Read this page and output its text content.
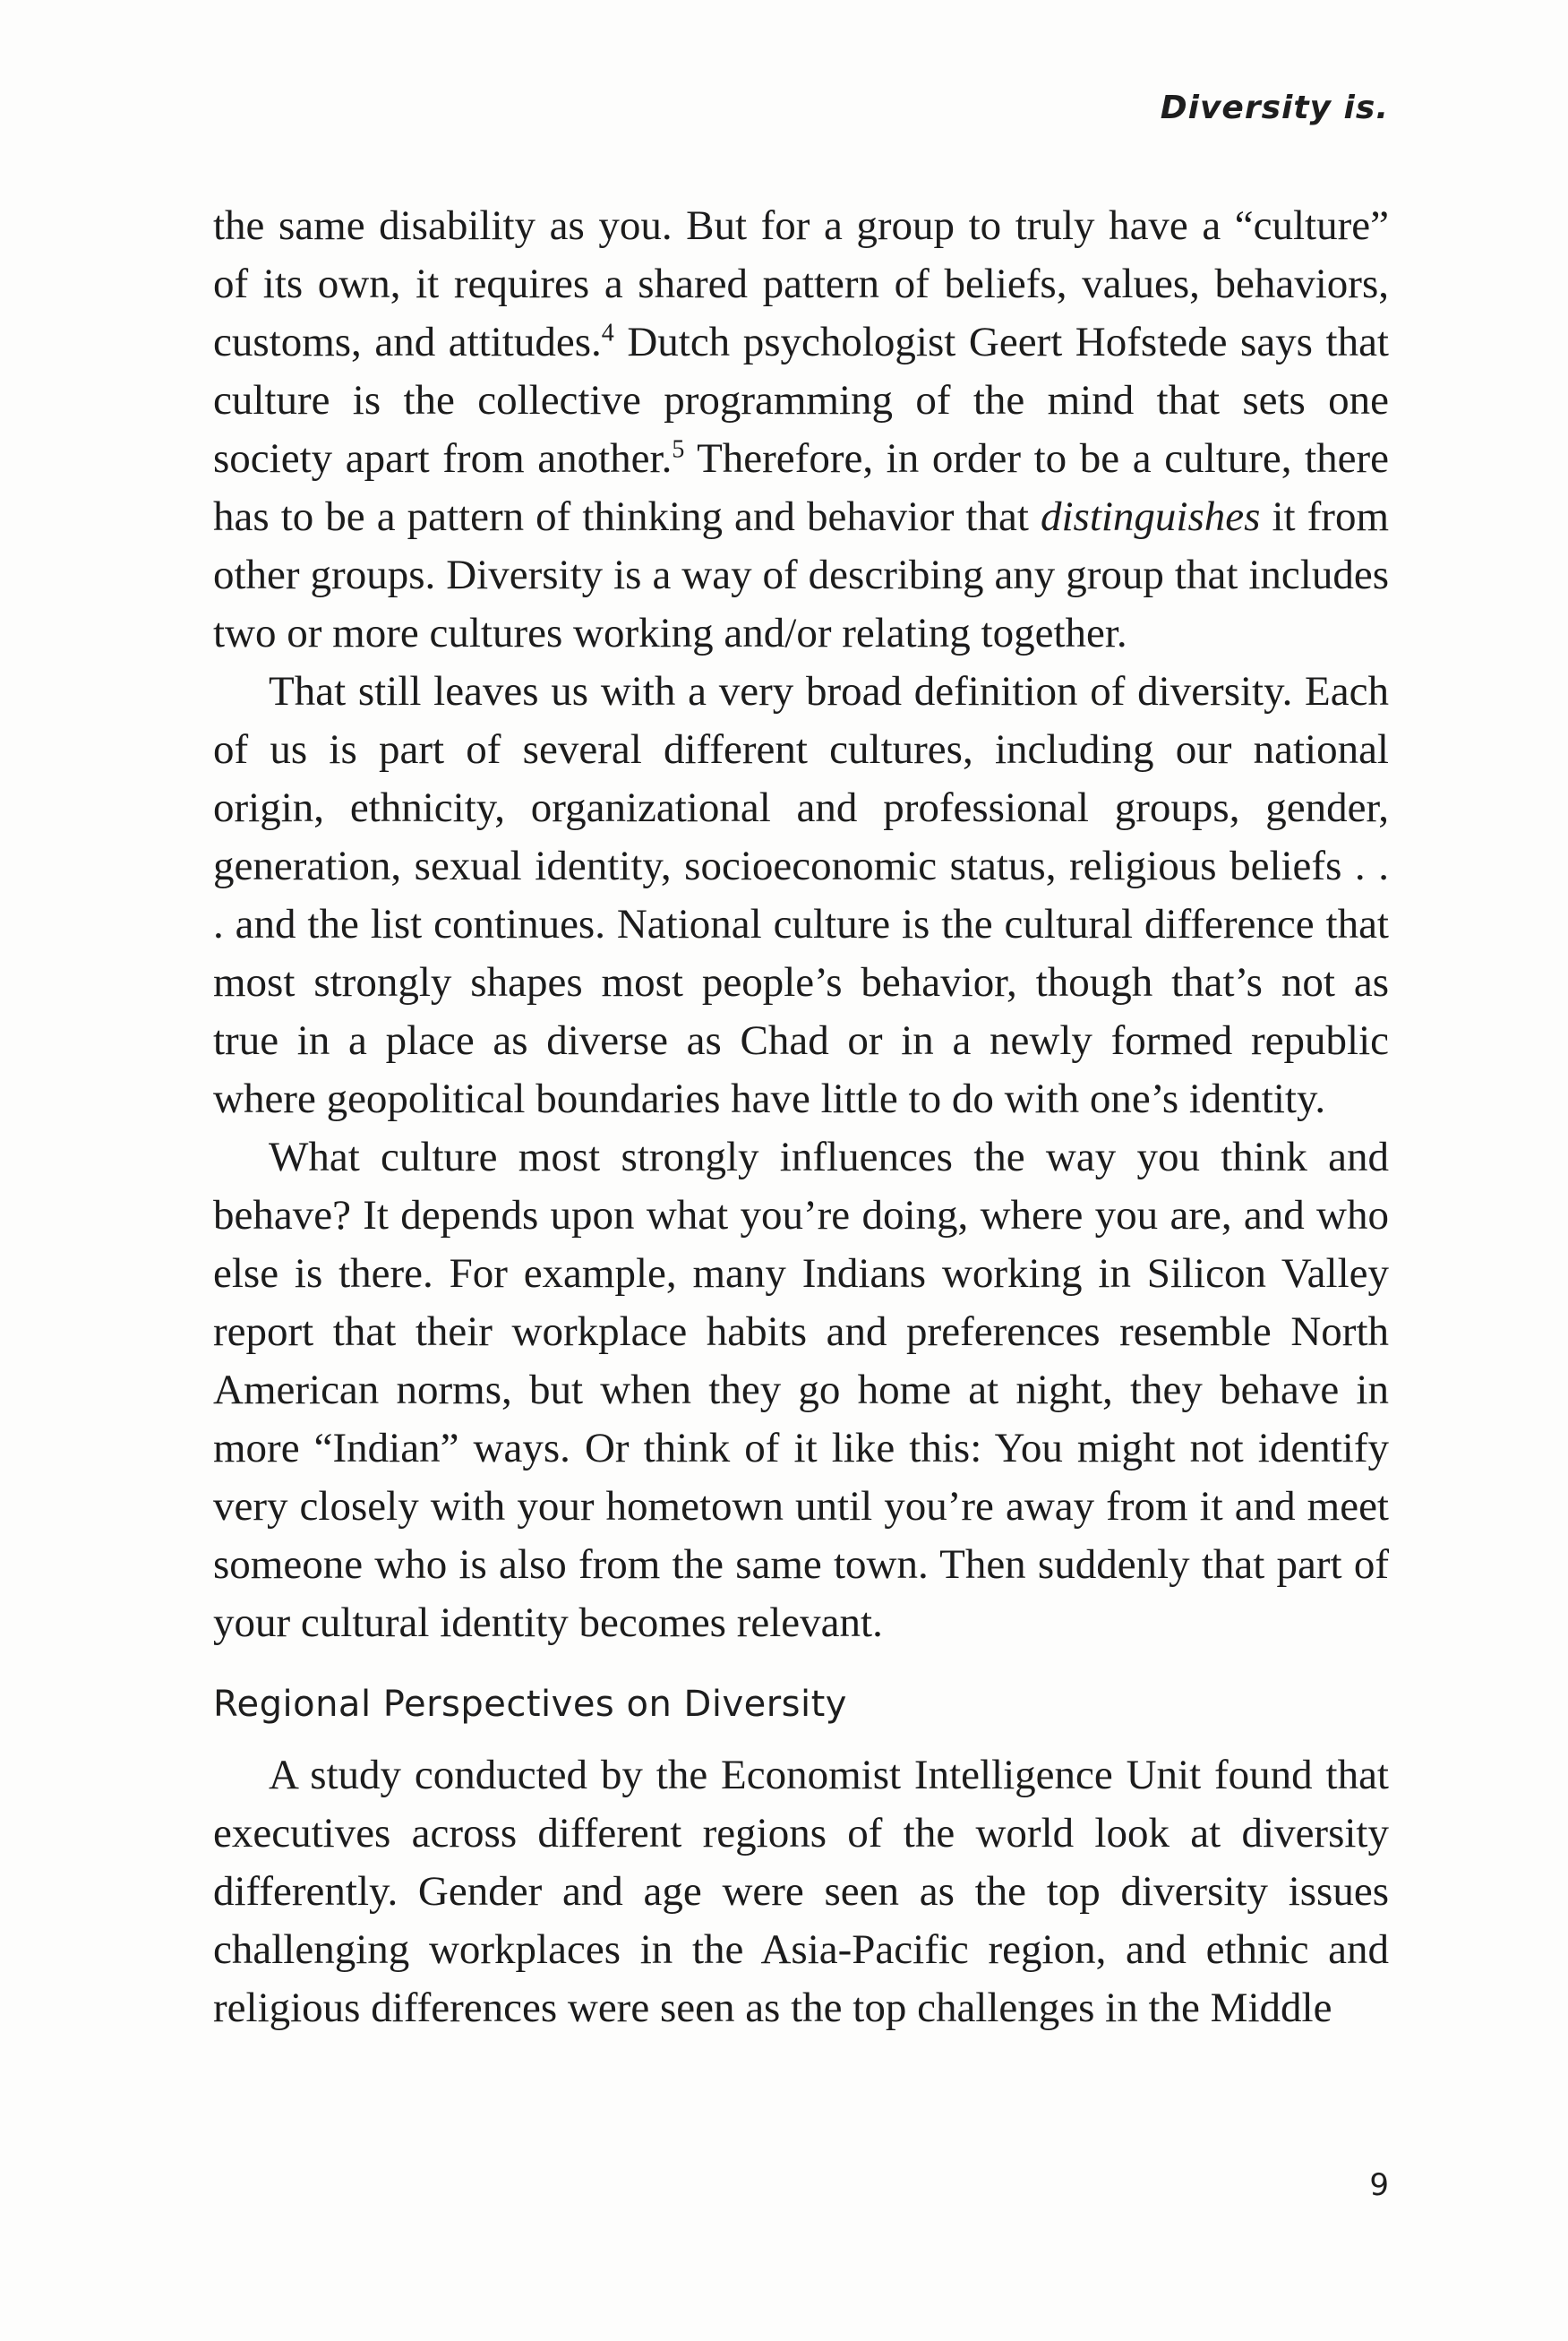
Diversity is.

the same disability as you. But for a group to truly have a “culture” of its own, it requires a shared pattern of beliefs, values, behaviors, customs, and attitudes.$^4$ Dutch psychologist Geert Hofstede says that culture is the collective programming of the mind that sets one society apart from another.$^5$ Therefore, in order to be a culture, there has to be a pattern of thinking and behavior that distinguishes it from other groups. Diversity is a way of describing any group that includes two or more cultures working and/or relating together.

That still leaves us with a very broad definition of diversity. Each of us is part of several different cultures, including our national origin, ethnicity, organizational and professional groups, gender, generation, sexual identity, socioeconomic status, religious beliefs . . . and the list continues. National culture is the cultural difference that most strongly shapes most people’s behavior, though that’s not as true in a place as diverse as Chad or in a newly formed republic where geopolitical boundaries have little to do with one’s identity.

What culture most strongly influences the way you think and behave? It depends upon what you’re doing, where you are, and who else is there. For example, many Indians working in Silicon Valley report that their workplace habits and preferences resemble North American norms, but when they go home at night, they behave in more “Indian” ways. Or think of it like this: You might not identify very closely with your hometown until you’re away from it and meet someone who is also from the same town. Then suddenly that part of your cultural identity becomes relevant.

Regional Perspectives on Diversity

A study conducted by the Economist Intelligence Unit found that executives across different regions of the world look at diversity differently. Gender and age were seen as the top diversity issues challenging workplaces in the Asia-Pacific region, and ethnic and religious differences were seen as the top challenges in the Middle

9
